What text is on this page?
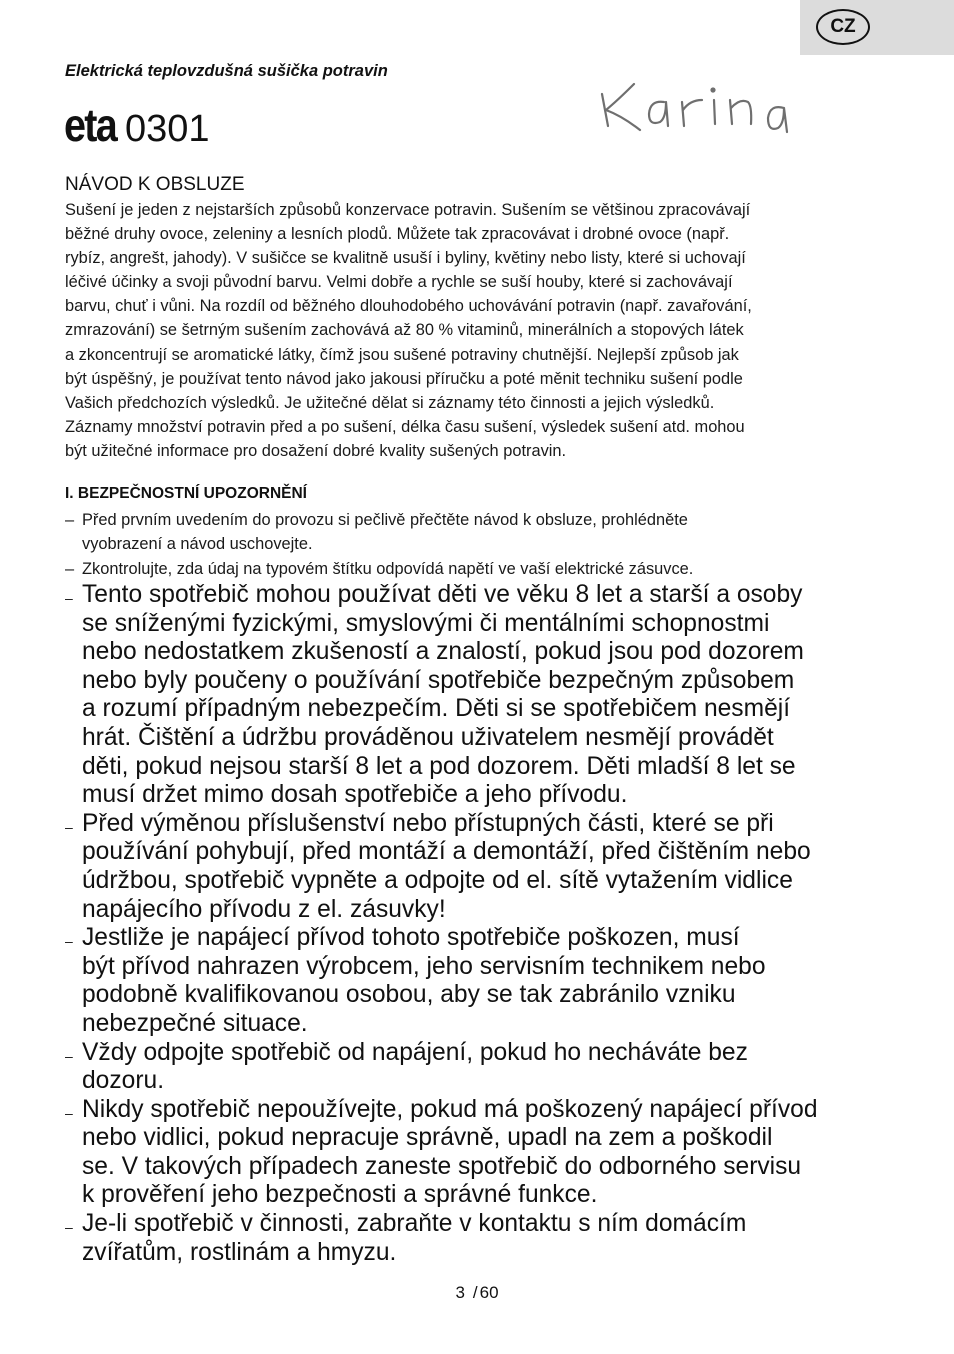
CZ
Elektrická teplovzdušná sušička potravin
eta 0301
NÁVOD K OBSLUZE
Sušení je jeden z nejstarších způsobů konzervace potravin. Sušením se většinou zpracovávají
běžné druhy ovoce, zeleniny a lesních plodů. Můžete tak zpracovávat i drobné ovoce (např.
rybíz, angrešt, jahody). V sušičce se kvalitně usuší i byliny, květiny nebo listy, které si uchovají
léčivé účinky a svoji původní barvu. Velmi dobře a rychle se suší houby, které si zachovávají
barvu, chuť i vůni. Na rozdíl od běžného dlouhodobého uchovávání potravin (např. zavařování,
zmrazování) se šetrným sušením zachovává až 80 % vitaminů, minerálních a stopových látek
a zkoncentrují se aromatické látky, čímž jsou sušené potraviny chutnější. Nejlepší způsob jak
být úspěšný, je používat tento návod jako jakousi příručku a poté měnit techniku sušení podle
Vašich předchozích výsledků. Je užitečné dělat si záznamy této činnosti a jejich výsledků.
Záznamy množství potravin před a po sušení, délka času sušení, výsledek sušení atd. mohou
být užitečné informace pro dosažení dobré kvality sušených potravin.
I. BEZPEČNOSTNÍ UPOZORNĚNÍ
– Před prvním uvedením do provozu si pečlivě přečtěte návod k obsluze, prohlédněte
vyobrazení a návod uschovejte.
– Zkontrolujte, zda údaj na typovém štítku odpovídá napětí ve vaší elektrické zásuvce.
– Tento spotřebič mohou používat děti ve věku 8 let a starší a osoby
se sníženými fyzickými, smyslovými či mentálními schopnostmi
nebo nedostatkem zkušeností a znalostí, pokud jsou pod dozorem
nebo byly poučeny o používání spotřebiče bezpečným způsobem
a rozumí případným nebezpečím. Děti si se spotřebičem nesmějí
hrát. Čištění a údržbu prováděnou uživatelem nesmějí provádět
děti, pokud nejsou starší 8 let a pod dozorem. Děti mladší 8 let se
musí držet mimo dosah spotřebiče a jeho přívodu.
– Před výměnou příslušenství nebo přístupných části, které se při
používání pohybují, před montáží a demontáží, před čištěním nebo
údržbou, spotřebič vypněte a odpojte od el. sítě vytažením vidlice
napájecího přívodu z el. zásuvky!
– Jestliže je napájecí přívod tohoto spotřebiče poškozen, musí
být přívod nahrazen výrobcem, jeho servisním technikem nebo
podobně kvalifikovanou osobou, aby se tak zabránilo vzniku
nebezpečné situace.
– Vždy odpojte spotřebič od napájení, pokud ho necháváte bez
dozoru.
– Nikdy spotřebič nepoužívejte, pokud má poškozený napájecí přívod
nebo vidlici, pokud nepracuje správně, upadl na zem a poškodil
se. V takových případech zaneste spotřebič do odborného servisu
k prověření jeho bezpečnosti a správné funkce.
– Je-li spotřebič v činnosti, zabraňte v kontaktu s ním domácím
zvířatům, rostlinám a hmyzu.
3 / 60
